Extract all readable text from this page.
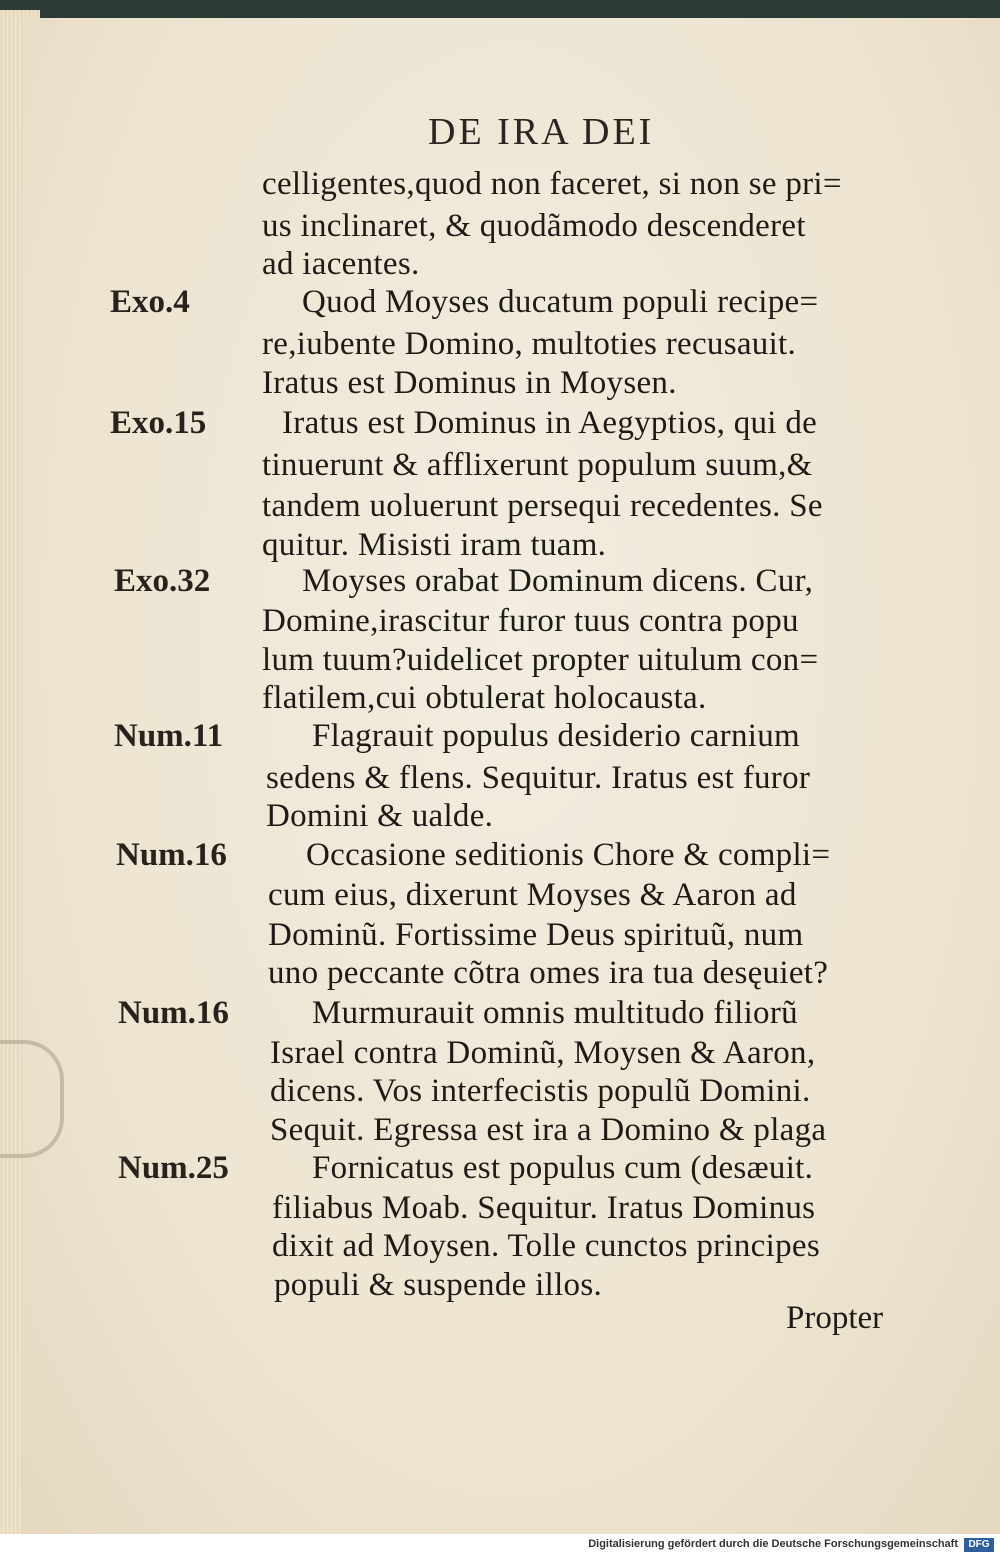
DE IRA DEI
celligentes,quod non faceret, si non se pri=
us inclinaret, & quodãmodo descenderet
ad iacentes.
Exo.4	Quod Moyses ducatum populi recipe=
re,iubente Domino, multoties recusauit.
Iratus est Dominus in Moysen.
Exo.15 Iratus est Dominus in Aegyptios, qui de
tinuerunt & afflixerunt populum suum,&
tandem uoluerunt persequi recedentes. Se
quitur. Misisti iram tuam.
Exo.32	Moyses orabat Dominum dicens. Cur,
Domine,irascitur furor tuus contra popu
lum tuum?uidelicet propter uitulum con=
flatilem,cui obtulerat holocausta.
Num.11	Flagrauit populus desiderio carnium
sedens & flens. Sequitur. Iratus est furor
Domini & ualde.
Num.16 Occasione seditionis Chore & compli=
cum eius, dixerunt Moyses & Aaron ad
Dominũ. Fortissime Deus spirituũ, num
uno peccante cõtra omes ira tua desęuiet?
Num.16	Murmurauit omnis multitudo filiorũ
Israel contra Dominũ, Moysen & Aaron,
dicens. Vos interfecistis populũ Domini.
Sequit. Egressa est ira a Domino & plaga
Num.25	Fornicatus est populus cum (desæuit.
filiabus Moab. Sequitur. Iratus Dominus
dixit ad Moysen. Tolle cunctos principes
populi & suspende illos.
Propter
Digitalisierung gefördert durch die Deutsche Forschungsgemeinschaft	DFG
